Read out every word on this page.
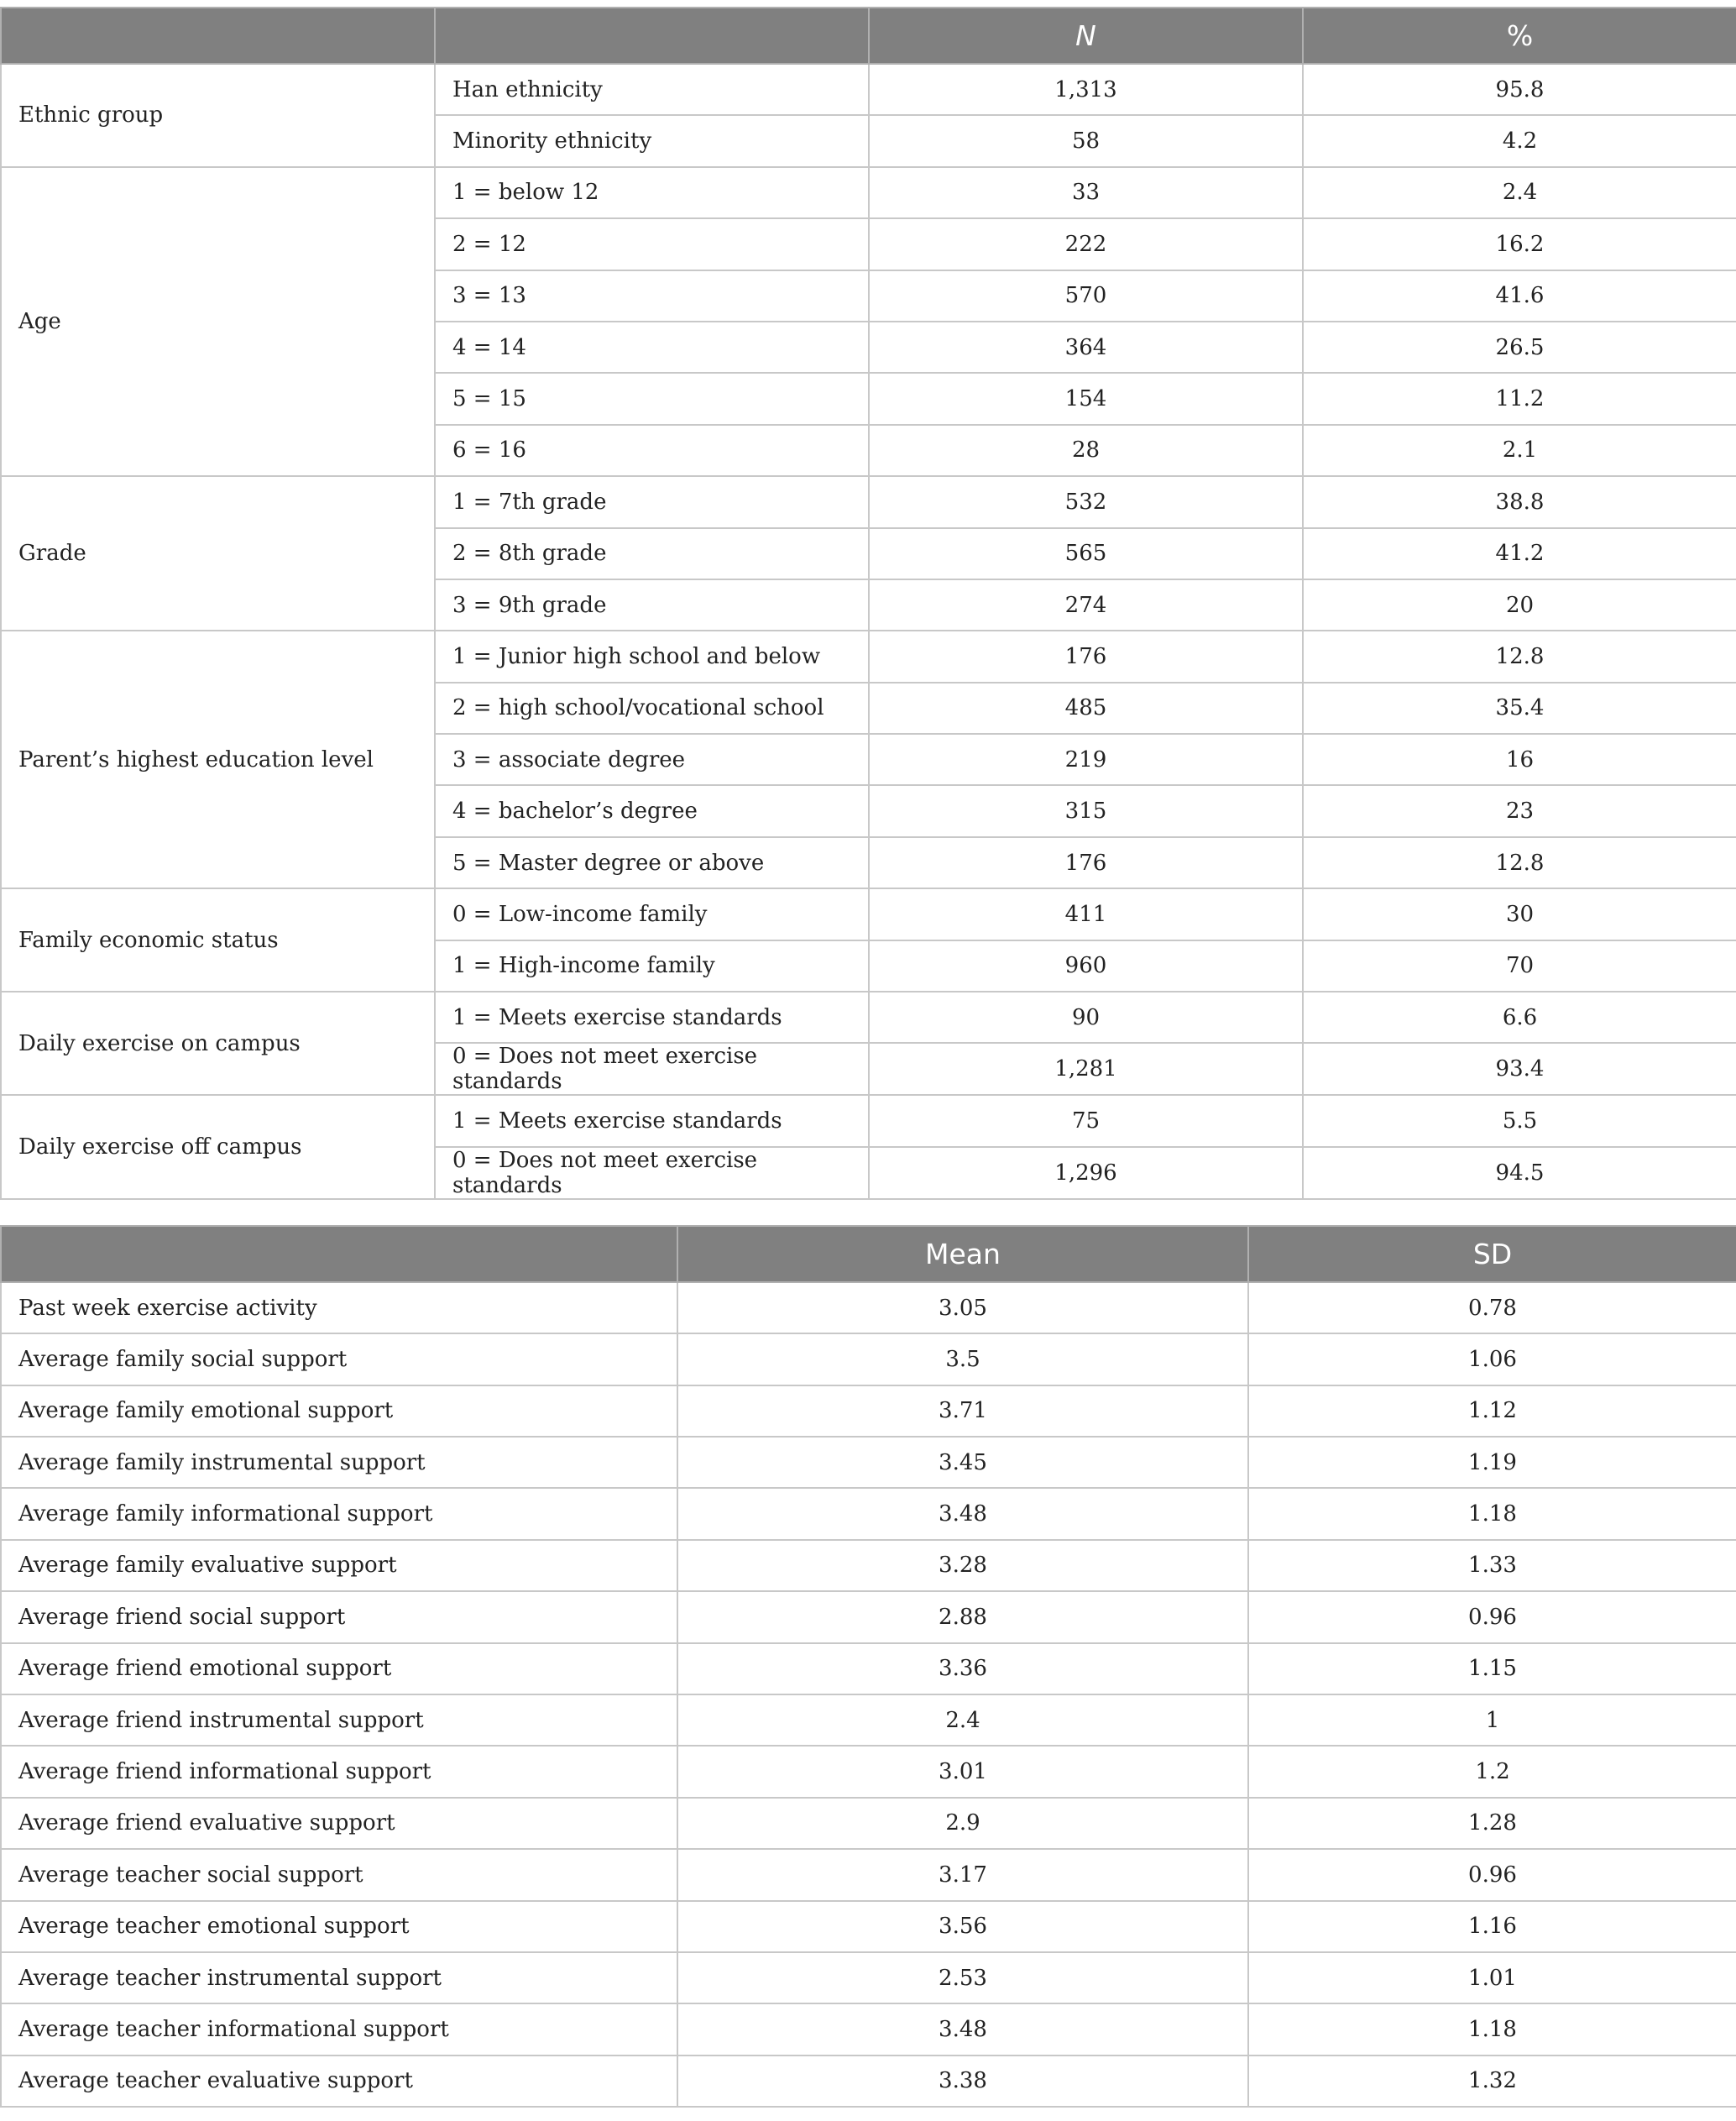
		N	%
Ethnic group	Han ethnicity	1,313	95.8
	Minority ethnicity	58	4.2
Age	1 = below 12	33	2.4
	2 = 12	222	16.2
	3 = 13	570	41.6
	4 = 14	364	26.5
	5 = 15	154	11.2
	6 = 16	28	2.1
Grade	1 = 7th grade	532	38.8
	2 = 8th grade	565	41.2
	3 = 9th grade	274	20
Parent’s highest education level	1 = Junior high school and below	176	12.8
	2 = high school/vocational school	485	35.4
	3 = associate degree	219	16
	4 = bachelor’s degree	315	23
	5 = Master degree or above	176	12.8
Family economic status	0 = Low-income family	411	30
	1 = High-income family	960	70
Daily exercise on campus	1 = Meets exercise standards	90	6.6
	0 = Does not meet exercise standards	1,281	93.4
Daily exercise off campus	1 = Meets exercise standards	75	5.5
	0 = Does not meet exercise standards	1,296	94.5
	Mean	SD
Past week exercise activity	3.05	0.78
Average family social support	3.5	1.06
Average family emotional support	3.71	1.12
Average family instrumental support	3.45	1.19
Average family informational support	3.48	1.18
Average family evaluative support	3.28	1.33
Average friend social support	2.88	0.96
Average friend emotional support	3.36	1.15
Average friend instrumental support	2.4	1
Average friend informational support	3.01	1.2
Average friend evaluative support	2.9	1.28
Average teacher social support	3.17	0.96
Average teacher emotional support	3.56	1.16
Average teacher instrumental support	2.53	1.01
Average teacher informational support	3.48	1.18
Average teacher evaluative support	3.38	1.32
